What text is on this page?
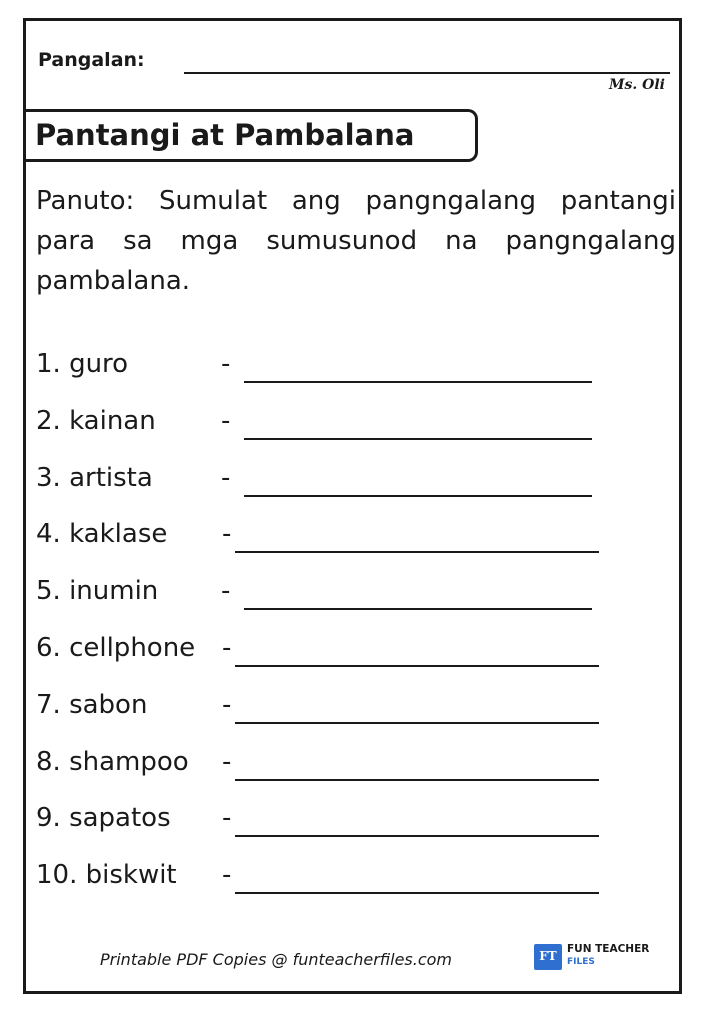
Pangalan:
Ms. Oli
Pantangi at Pambalana
Panuto: Sumulat ang pangngalang pantangi para sa mga sumusunod na pangngalang pambalana.
1. guro	-
2. kainan	-
3. artista	-
4. kaklase -
5. inumin -
6. cellphone -
7. sabon	-
8. shampoo -
9. sapatos -
10. biskwit -
Printable PDF Copies @ funteacherfiles.com	FT FUN TEACHER
FILES
